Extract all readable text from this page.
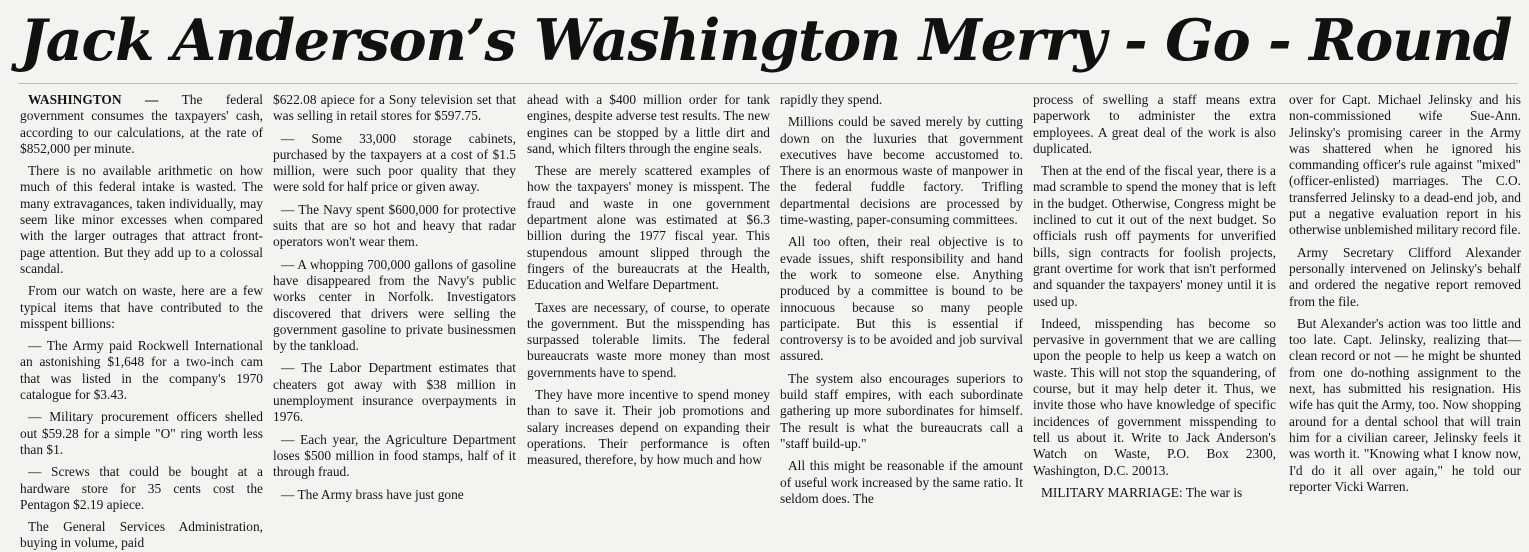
Jack Anderson’s Washington Merry - Go - Round

WASHINGTON — The federal government consumes the taxpayers' cash, according to our calculations, at the rate of $852,000 per minute.

There is no available arithmetic on how much of this federal intake is wasted. The many extravagances, taken individually, may seem like minor excesses when compared with the larger outrages that attract front-page attention. But they add up to a colossal scandal.

From our watch on waste, here are a few typical items that have contributed to the misspent billions:

— The Army paid Rockwell International an astonishing $1,648 for a two-inch cam that was listed in the company's 1970 catalogue for $3.43.

— Military procurement officers shelled out $59.28 for a simple "O" ring worth less than $1.

— Screws that could be bought at a hardware store for 35 cents cost the Pentagon $2.19 apiece.

The General Services Administration, buying in volume, paid

$622.08 apiece for a Sony television set that was selling in retail stores for $597.75.

— Some 33,000 storage cabinets, purchased by the taxpayers at a cost of $1.5 million, were such poor quality that they were sold for half price or given away.

— The Navy spent $600,000 for protective suits that are so hot and heavy that radar operators won't wear them.

— A whopping 700,000 gallons of gasoline have disappeared from the Navy's public works center in Norfolk. Investigators discovered that drivers were selling the government gasoline to private businessmen by the tankload.

— The Labor Department estimates that cheaters got away with $38 million in unemployment insurance overpayments in 1976.

— Each year, the Agriculture Department loses $500 million in food stamps, half of it through fraud.

— The Army brass have just gone

ahead with a $400 million order for tank engines, despite adverse test results. The new engines can be stopped by a little dirt and sand, which filters through the engine seals.

These are merely scattered examples of how the taxpayers' money is misspent. The fraud and waste in one government department alone was estimated at $6.3 billion during the 1977 fiscal year. This stupendous amount slipped through the fingers of the bureaucrats at the Health, Education and Welfare Department.

Taxes are necessary, of course, to operate the government. But the misspending has surpassed tolerable limits. The federal bureaucrats waste more money than most governments have to spend.

They have more incentive to spend money than to save it. Their job promotions and salary increases depend on expanding their operations. Their performance is often measured, therefore, by how much and how

rapidly they spend.

Millions could be saved merely by cutting down on the luxuries that government executives have become accustomed to. There is an enormous waste of manpower in the federal fuddle factory. Trifling departmental decisions are processed by time-wasting, paper-consuming committees.

All too often, their real objective is to evade issues, shift responsibility and hand the work to someone else. Anything produced by a committee is bound to be innocuous because so many people participate. But this is essential if controversy is to be avoided and job survival assured.

The system also encourages superiors to build staff empires, with each subordinate gathering up more subordinates for himself. The result is what the bureaucrats call a "staff build-up."

All this might be reasonable if the amount of useful work increased by the same ratio. It seldom does. The

process of swelling a staff means extra paperwork to administer the extra employees. A great deal of the work is also duplicated.

Then at the end of the fiscal year, there is a mad scramble to spend the money that is left in the budget. Otherwise, Congress might be inclined to cut it out of the next budget. So officials rush off payments for unverified bills, sign contracts for foolish projects, grant overtime for work that isn't performed and squander the taxpayers' money until it is used up.

Indeed, misspending has become so pervasive in government that we are calling upon the people to help us keep a watch on waste. This will not stop the squandering, of course, but it may help deter it. Thus, we invite those who have knowledge of specific incidences of government misspending to tell us about it. Write to Jack Anderson's Watch on Waste, P.O. Box 2300, Washington, D.C. 20013.

MILITARY MARRIAGE: The war is

over for Capt. Michael Jelinsky and his non-commissioned wife Sue-Ann. Jelinsky's promising career in the Army was shattered when he ignored his commanding officer's rule against "mixed" (officer-enlisted) marriages. The C.O. transferred Jelinsky to a dead-end job, and put a negative evaluation report in his otherwise unblemished military record file.

Army Secretary Clifford Alexander personally intervened on Jelinsky's behalf and ordered the negative report removed from the file.

But Alexander's action was too little and too late. Capt. Jelinsky, realizing that— clean record or not — he might be shunted from one do-nothing assignment to the next, has submitted his resignation. His wife has quit the Army, too. Now shopping around for a dental school that will train him for a civilian career, Jelinsky feels it was worth it. "Knowing what I know now, I'd do it all over again," he told our reporter Vicki Warren.
